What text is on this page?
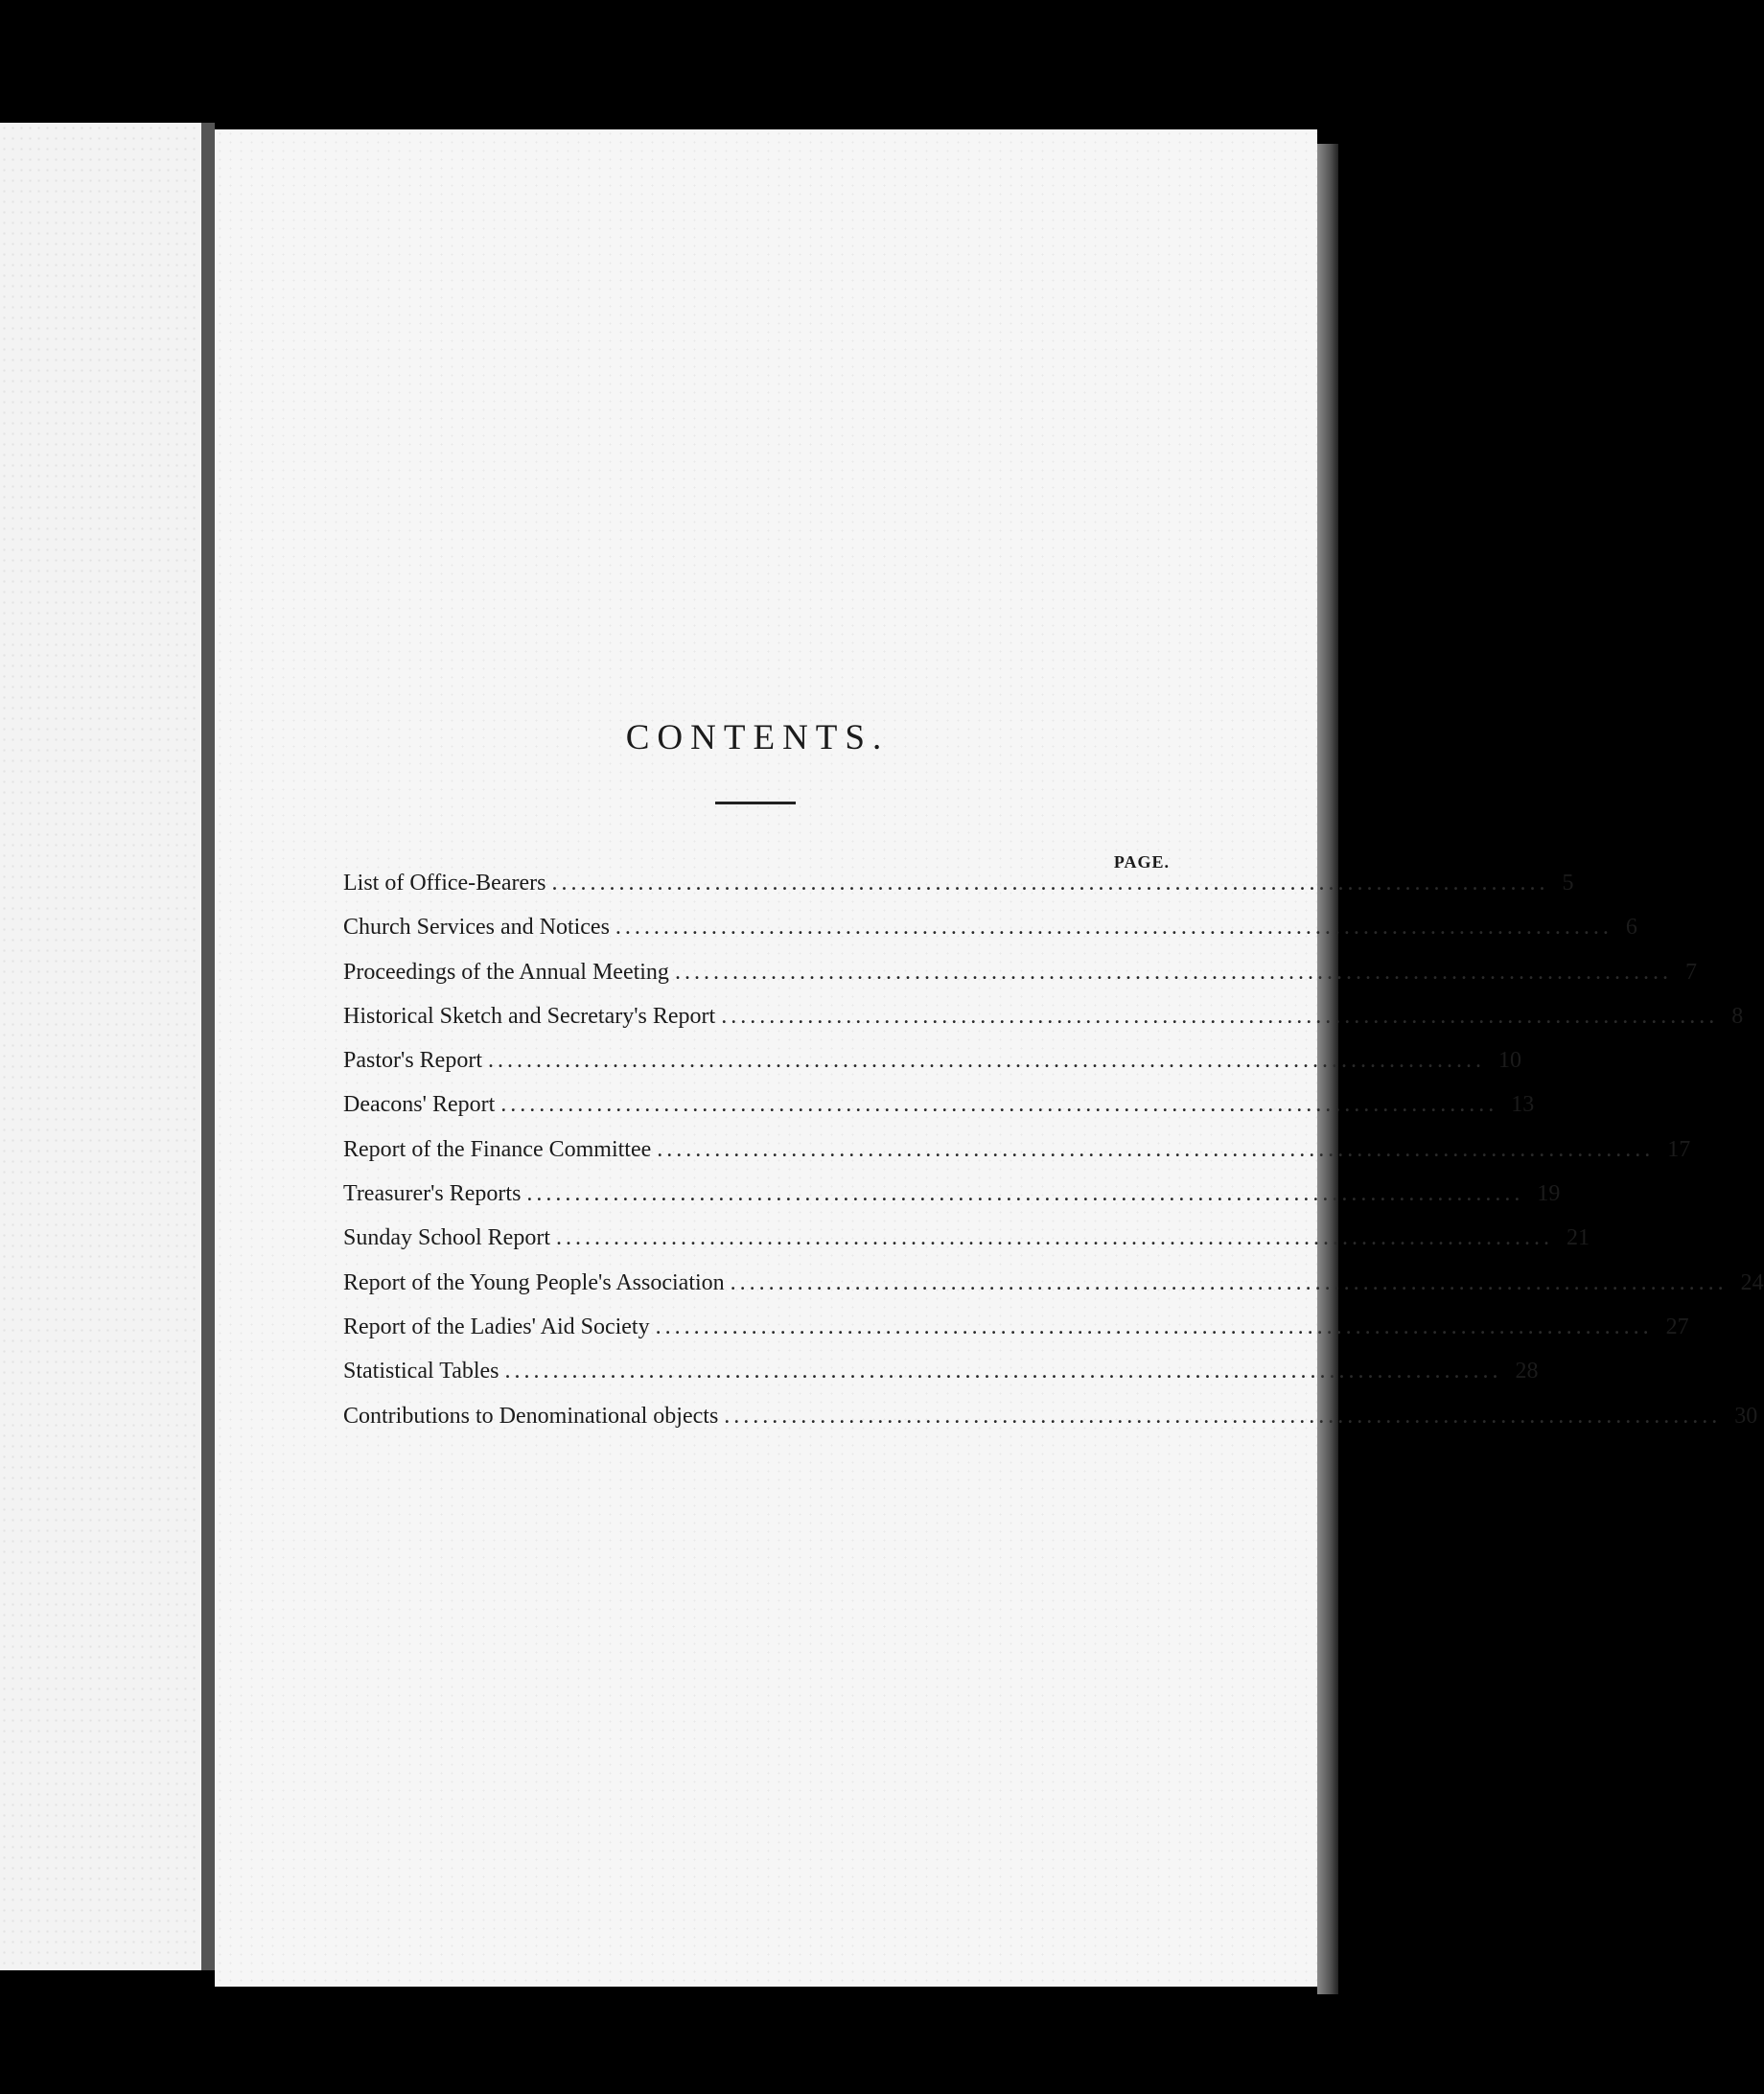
CONTENTS.
PAGE.
List of Office-Bearers ........................................................................................................ 5
Church Services and Notices ........................................................................................................ 6
Proceedings of the Annual Meeting ........................................................................................................ 7
Historical Sketch and Secretary's Report ........................................................................................................ 8
Pastor's Report ........................................................................................................ 10
Deacons' Report ........................................................................................................ 13
Report of the Finance Committee ........................................................................................................ 17
Treasurer's Reports ........................................................................................................ 19
Sunday School Report ........................................................................................................ 21
Report of the Young People's Association ........................................................................................................ 24
Report of the Ladies' Aid Society ........................................................................................................ 27
Statistical Tables ........................................................................................................ 28
Contributions to Denominational objects ........................................................................................................ 30
